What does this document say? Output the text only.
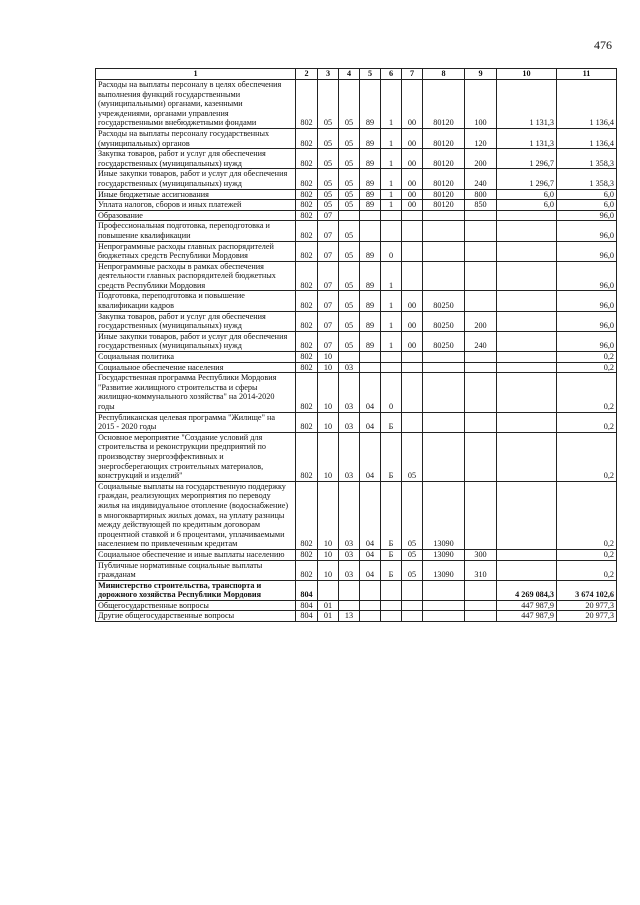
476
1	2	3	4	5	6	7	8	9	10	11
Расходы на выплаты персоналу в целях обеспечения выполнения функций государственными (муниципальными) органами, казенными учреждениями, органами управления государственными внебюджетными фондами	802	05	05	89	1	00	80120	100	1 131,3	1 136,4
Расходы на выплаты персоналу государственных (муниципальных) органов	802	05	05	89	1	00	80120	120	1 131,3	1 136,4
Закупка товаров, работ и услуг для обеспечения государственных (муниципальных) нужд	802	05	05	89	1	00	80120	200	1 296,7	1 358,3
Иные закупки товаров, работ и услуг для обеспечения государственных (муниципальных) нужд	802	05	05	89	1	00	80120	240	1 296,7	1 358,3
Иные бюджетные ассигнования	802	05	05	89	1	00	80120	800	6,0	6,0
Уплата налогов, сборов и иных платежей	802	05	05	89	1	00	80120	850	6,0	6,0
Образование	802	07								96,0
Профессиональная подготовка, переподготовка и повышение квалификации	802	07	05							96,0
Непрограммные расходы главных распорядителей бюджетных средств Республики Мордовия	802	07	05	89	0					96,0
Непрограммные расходы в рамках обеспечения деятельности главных распорядителей бюджетных средств Республики Мордовия	802	07	05	89	1					96,0
Подготовка, переподготовка и повышение квалификации кадров	802	07	05	89	1	00	80250			96,0
Закупка товаров, работ и услуг для обеспечения государственных (муниципальных) нужд	802	07	05	89	1	00	80250	200		96,0
Иные закупки товаров, работ и услуг для обеспечения государственных (муниципальных) нужд	802	07	05	89	1	00	80250	240		96,0
Социальная политика	802	10								0,2
Социальное обеспечение населения	802	10	03							0,2
Государственная программа Республики Мордовия "Развитие жилищного строительства и сферы жилищно-коммунального хозяйства" на 2014-2020 годы	802	10	03	04	0					0,2
Республиканская целевая программа "Жилище" на 2015 - 2020 годы	802	10	03	04	Б					0,2
Основное мероприятие "Создание условий для строительства и реконструкции предприятий по производству энергоэффективных и энергосберегающих строительных материалов, конструкций и изделий"	802	10	03	04	Б	05				0,2
Социальные выплаты на государственную поддержку граждан, реализующих мероприятия по переводу жилья на индивидуальное отопление (водоснабжение) в многоквартирных жилых домах, на уплату разницы между действующей по кредитным договорам процентной ставкой и 6 процентами, уплачиваемыми населением по привлеченным кредитам	802	10	03	04	Б	05	13090			0,2
Социальное обеспечение и иные выплаты населению	802	10	03	04	Б	05	13090	300		0,2
Публичные нормативные социальные выплаты гражданам	802	10	03	04	Б	05	13090	310		0,2
Министерство строительства, транспорта и дорожного хозяйства Республики Мордовия	804								4 269 084,3	3 674 102,6
Общегосударственные вопросы	804	01							447 987,9	20 977,3
Другие общегосударственные вопросы	804	01	13						447 987,9	20 977,3
